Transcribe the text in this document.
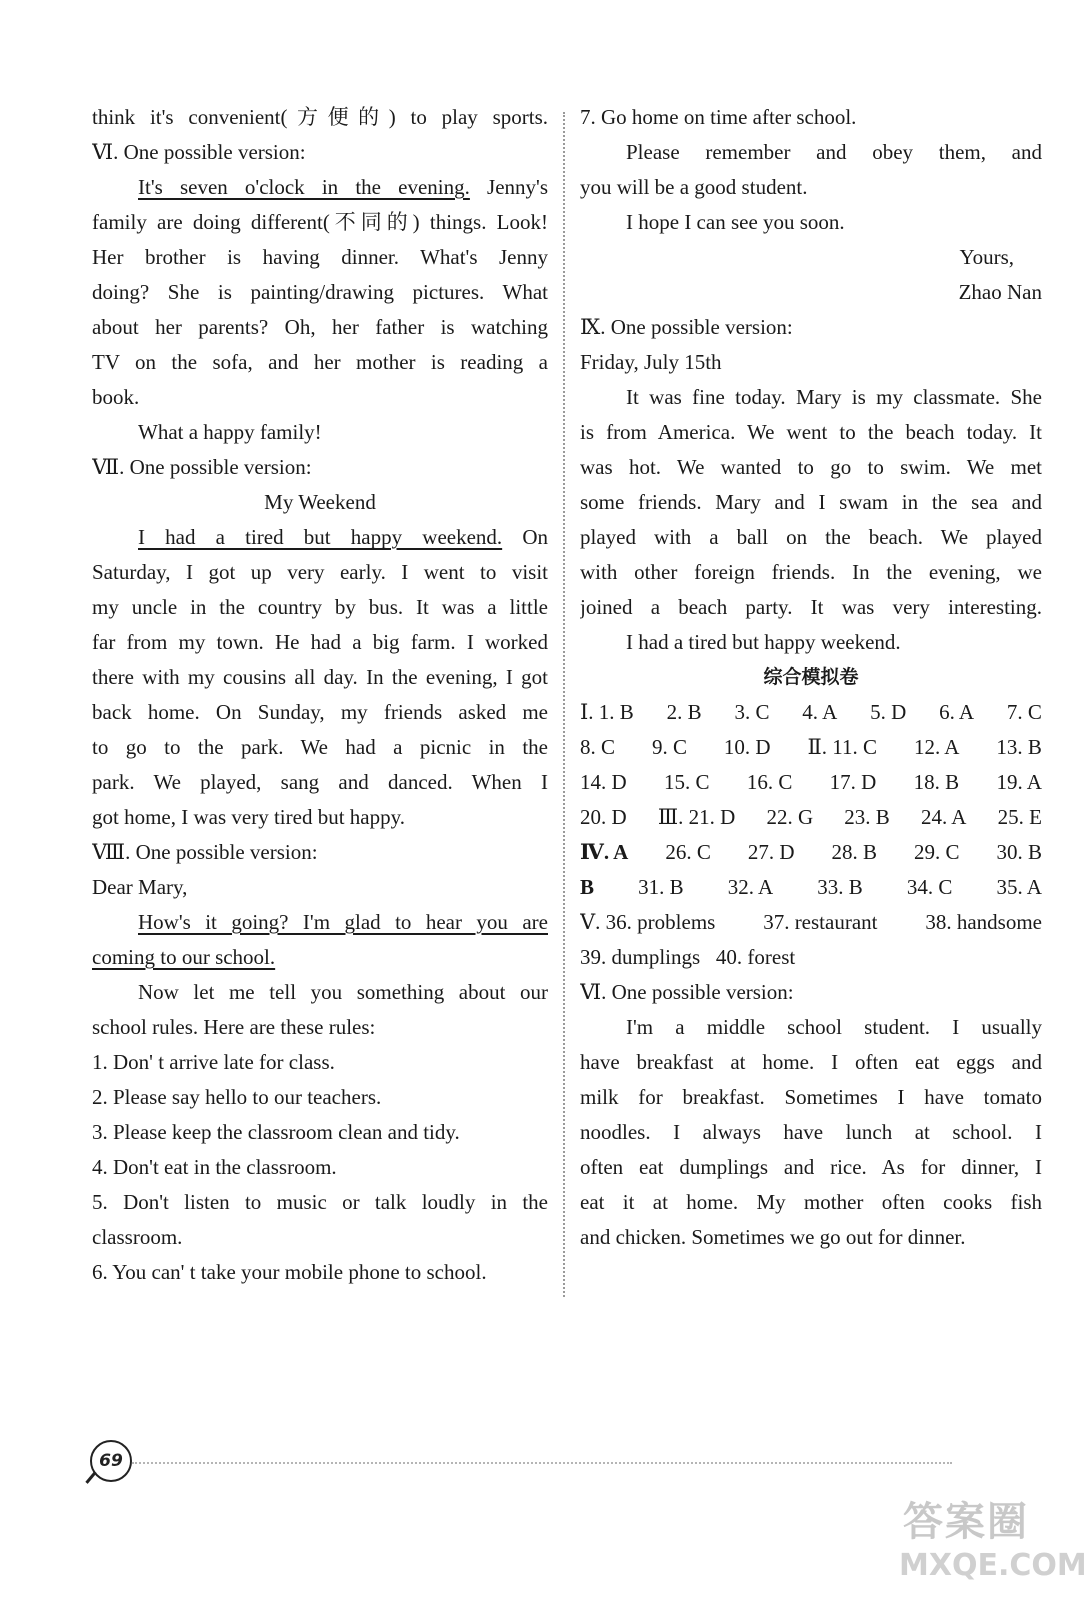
think it's convenient(方便的) to play sports.
Ⅵ. One possible version:
It's seven o'clock in the evening. Jenny's
family are doing different(不同的) things. Look!
Her brother is having dinner. What's Jenny
doing? She is painting/drawing pictures. What
about her parents? Oh, her father is watching
TV on the sofa, and her mother is reading a
book.
What a happy family!
Ⅶ. One possible version:
My Weekend
I had a tired but happy weekend. On
Saturday, I got up very early. I went to visit
my uncle in the country by bus. It was a little
far from my town. He had a big farm. I worked
there with my cousins all day. In the evening, I got
back home. On Sunday, my friends asked me
to go to the park. We had a picnic in the
park. We played, sang and danced. When I
got home, I was very tired but happy.
Ⅷ. One possible version:
Dear Mary,
How's it going? I'm glad to hear you are
coming to our school.
Now let me tell you something about our
school rules. Here are these rules:
1. Don' t arrive late for class.
2. Please say hello to our teachers.
3. Please keep the classroom clean and tidy.
4. Don't eat in the classroom.
5. Don't listen to music or talk loudly in the
classroom.
6. You can' t take your mobile phone to school.
7. Go home on time after school.
Please remember and obey them, and
you will be a good student.
I hope I can see you soon.
Yours,
Zhao Nan
Ⅸ. One possible version:
Friday, July 15th
It was fine today. Mary is my classmate. She
is from America. We went to the beach today. It
was hot. We wanted to go to swim. We met
some friends. Mary and I swam in the sea and
played with a ball on the beach. We played
with other foreign friends. In the evening, we
joined a beach party. It was very interesting.
I had a tired but happy weekend.
综合模拟卷
Ⅰ. 1. B 2. B 3. C 4. A 5. D 6. A 7. C
8. C 9. C 10. D Ⅱ. 11. C 12. A 13. B
14. D 15. C 16. C 17. D 18. B 19. A
20. D Ⅲ. 21. D 22. G 23. B 24. A 25. E
Ⅳ. A 26. C 27. D 28. B 29. C 30. B
B 31. B 32. A 33. B 34. C 35. A
Ⅴ. 36. problems 37. restaurant 38. handsome
39. dumplings   40. forest
Ⅵ. One possible version:
I'm a middle school student. I usually
have breakfast at home. I often eat eggs and
milk for breakfast. Sometimes I have tomato
noodles. I always have lunch at school. I
often eat dumplings and rice. As for dinner, I
eat it at home. My mother often cooks fish
and chicken. Sometimes we go out for dinner.
69
答案圈
MXQE.COM
